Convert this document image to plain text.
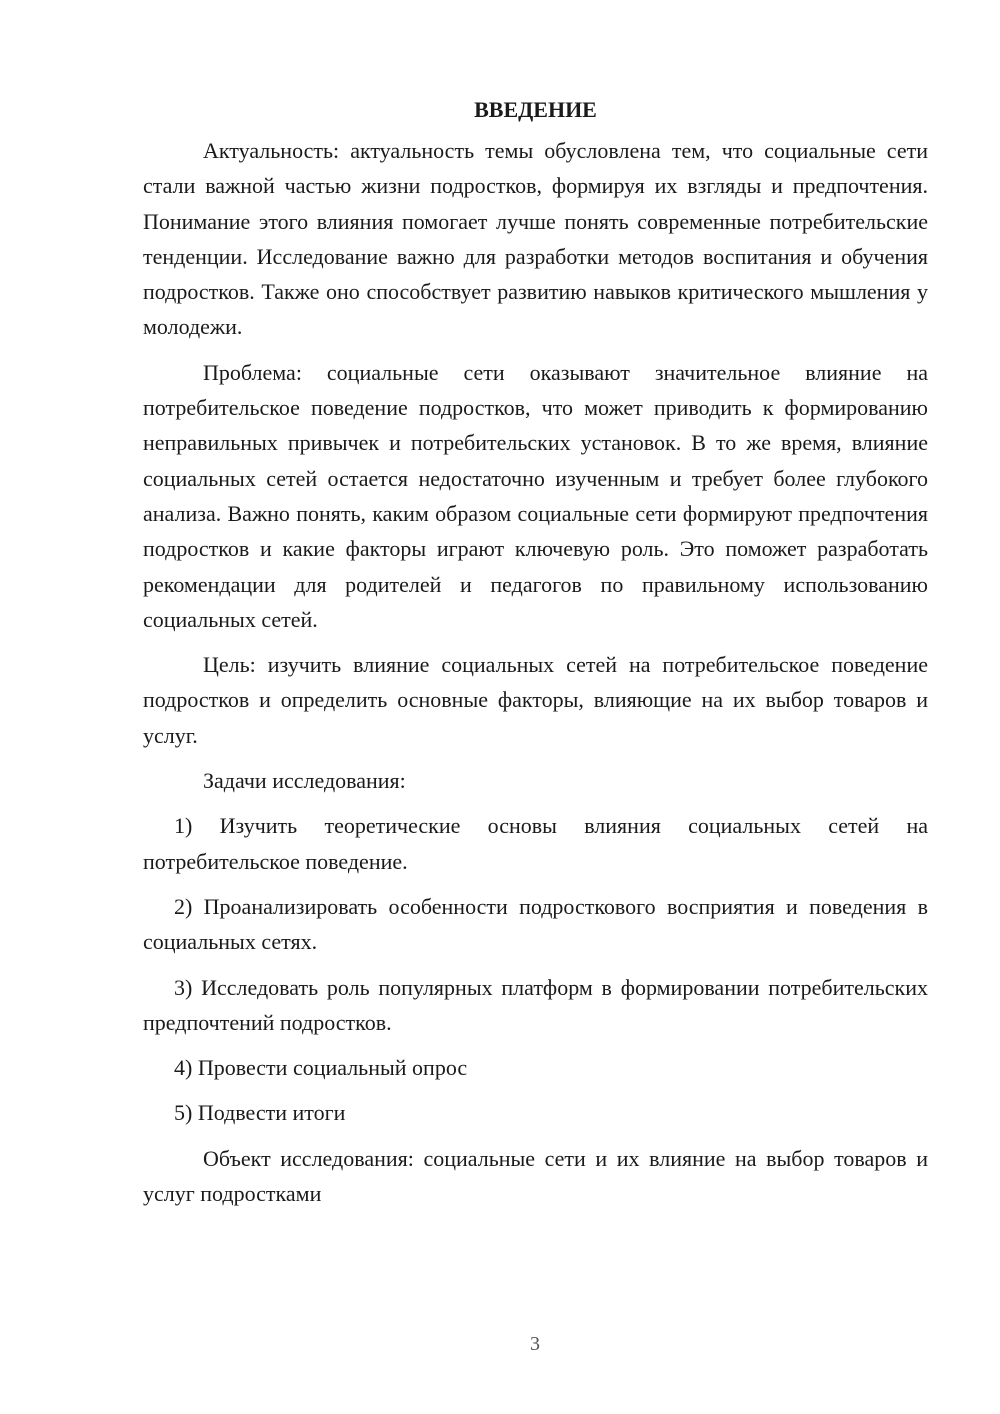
ВВЕДЕНИЕ

Актуальность: актуальность темы обусловлена тем, что социальные сети стали важной частью жизни подростков, формируя их взгляды и предпочтения. Понимание этого влияния помогает лучше понять современные потребительские тенденции. Исследование важно для разработки методов воспитания и обучения подростков. Также оно способствует развитию навыков критического мышления у молодежи.

Проблема: социальные сети оказывают значительное влияние на потребительское поведение подростков, что может приводить к формированию неправильных привычек и потребительских установок. В то же время, влияние социальных сетей остается недостаточно изученным и требует более глубокого анализа. Важно понять, каким образом социальные сети формируют предпочтения подростков и какие факторы играют ключевую роль. Это поможет разработать рекомендации для родителей и педагогов по правильному использованию социальных сетей.

Цель: изучить влияние социальных сетей на потребительское поведение подростков и определить основные факторы, влияющие на их выбор товаров и услуг.

Задачи исследования:

1) Изучить теоретические основы влияния социальных сетей на потребительское поведение.

2) Проанализировать особенности подросткового восприятия и поведения в социальных сетях.

3) Исследовать роль популярных платформ в формировании потребительских предпочтений подростков.

4) Провести социальный опрос

5) Подвести итоги

Объект исследования: социальные сети и их влияние на выбор товаров и услуг подростками

3
